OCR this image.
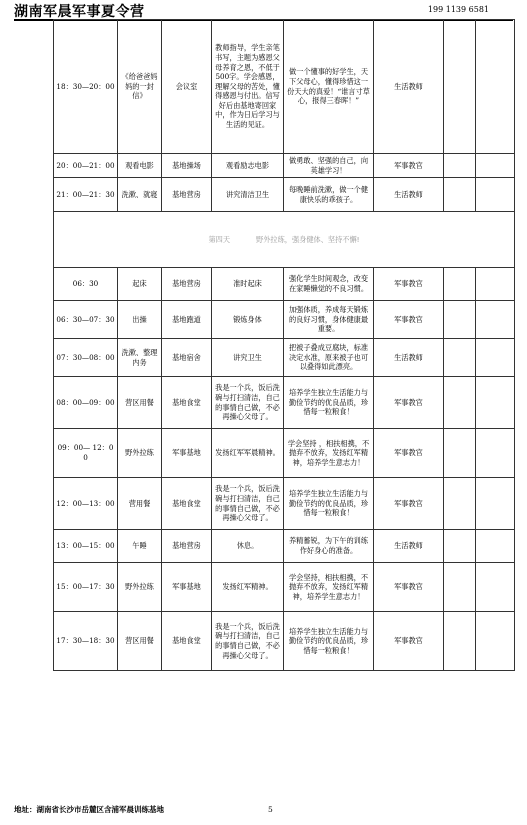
湖南军晨军事夏令营	199 1139 6581
18：30—20：00	《给爸爸妈妈的一封信》	会议室	教师指导，学生亲笔书写，主题为感恩父母养育之恩，不低于500字。学会感恩，理解父母的苦处，懂得感恩与付出。信写好后由基地寄回家中，作为日后学习与生活的见证。	做一个懂事的好学生，天下父母心，懂得珍惜这一份天大的真爱！“谁言寸草心，报得三春晖！”	生活教师		
20：00—21：00	观看电影	基地操场	观看励志电影	做勇敢、坚强的自己，向英雄学习！	军事教官		
21：00—21：30	洗漱、就寝	基地营房	讲究清洁卫生	每晚睡前洗漱，做一个健康快乐的乖孩子。	生活教师		
第四天 野外拉练，强身健体、坚持不懈!							
06：30	起床	基地营房	准时起床	强化学生时间观念，改变在家睡懒觉的不良习惯。	军事教官		
06：30—07：30	出操	基地跑道	锻炼身体	加强体质，养成每天锻炼的良好习惯，身体健康最重要。	军事教官		
07：30—08：00	洗漱、整理内务	基地宿舍	讲究卫生	把被子叠成豆腐块，标准决定水准，原来被子也可以叠得如此漂亮。	生活教师		
08：00—09：00	营区用餐	基地食堂	我是一个兵，饭后洗碗与打扫清洁，自己的事情自己做，不必再操心父母了。	培养学生独立生活能力与勤俭节约的优良品质，珍惜每一粒粮食！	军事教官		
09：00— 12：00	野外拉练	军事基地	发扬红军军晨精神。	学会坚持 ，相扶相携，不抛弃不放弃，发扬红军精神，培养学生意志力！	军事教官		
12：00—13：00	营用餐	基地食堂	我是一个兵，饭后洗碗与打扫清洁，自己的事情自己做，不必再操心父母了。	培养学生独立生活能力与勤俭节约的优良品质，珍惜每一粒粮食！	军事教官		
13：00—15：00	午睡	基地营房	休息。	养精蓄锐，为下午的训练作好身心的准备。	生活教师		
15：00—17：30	野外拉练	军事基地	发扬红军精神。	学会坚持，相扶相携，不抛弃不放弃，发扬红军精神，培养学生意志力！	军事教官		
17：30—18：30	营区用餐	基地食堂	我是一个兵，饭后洗碗与打扫清洁，自己的事情自己做，不必再操心父母了。	培养学生独立生活能力与勤俭节约的优良品质，珍惜每一粒粮食！	军事教官		
地址：湖南省长沙市岳麓区含浦军晨训练基地	5
